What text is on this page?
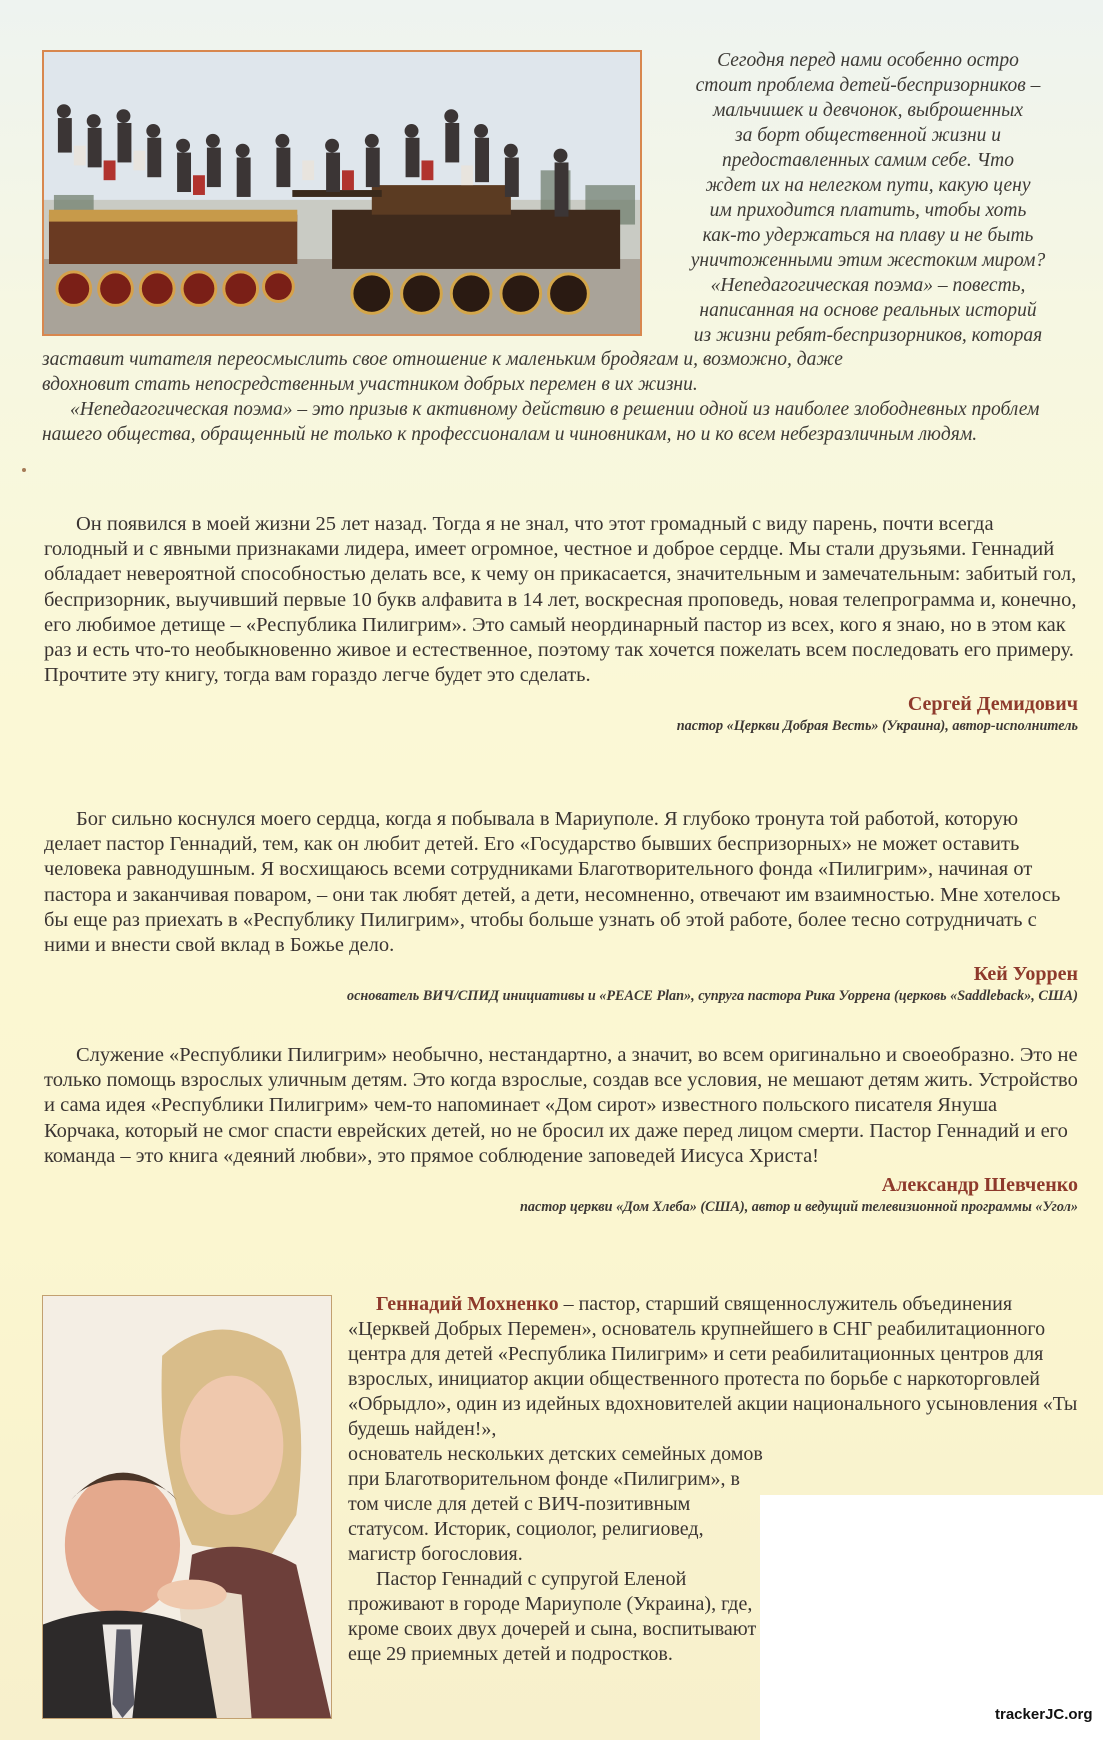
Сегодня перед нами особенно остро

стоит проблема детей-беспризорников –

мальчишек и девчонок, выброшенных

за борт общественной жизни и

предоставленных самим себе. Что

ждет их на нелегком пути, какую цену

им приходится платить, чтобы хоть

как-то удержаться на плаву и не быть

уничтоженными этим жестоким миром?

«Непедагогическая поэма» – повесть,

написанная на основе реальных историй

из жизни ребят-беспризорников, которая

заставит читателя переосмыслить свое отношение к маленьким бродягам и, возможно, даже

вдохновит стать непосредственным участником добрых перемен в их жизни.

«Непедагогическая поэма» – это призыв к активному действию в решении одной из наиболее злободневных проблем нашего общества, обращенный не только к профессионалам и чиновникам, но и ко всем небезразличным людям.

Он появился в моей жизни 25 лет назад. Тогда я не знал, что этот громадный с виду парень, почти всегда голодный и с явными признаками лидера, имеет огромное, честное и доброе сердце. Мы стали друзьями. Геннадий обладает невероятной способностью делать все, к чему он прикасается, значительным и замечательным: забитый гол, беспризорник, выучивший первые 10 букв алфавита в 14 лет, воскресная проповедь, новая телепрограмма и, конечно, его любимое детище – «Республика Пилигрим». Это самый неординарный пастор из всех, кого я знаю, но в этом как раз и есть что-то необыкновенно живое и естественное, поэтому так хочется пожелать всем последовать его примеру. Прочтите эту книгу, тогда вам гораздо легче будет это сделать.

Сергей Демидович
пастор «Церкви Добрая Весть» (Украина), автор-исполнитель

Бог сильно коснулся моего сердца, когда я побывала в Мариуполе. Я глубоко тронута той работой, которую делает пастор Геннадий, тем, как он любит детей. Его «Государство бывших беспризорных» не может оставить человека равнодушным. Я восхищаюсь всеми сотрудниками Благотворительного фонда «Пилигрим», начиная от пастора и заканчивая поваром, – они так любят детей, а дети, несомненно, отвечают им взаимностью. Мне хотелось бы еще раз приехать в «Республику Пилигрим», чтобы больше узнать об этой работе, более тесно сотрудничать с ними и внести свой вклад в Божье дело.

Кей Уоррен
основатель ВИЧ/СПИД инициативы и «PEACE Plan», супруга пастора Рика Уоррена (церковь «Saddleback», США)

Служение «Республики Пилигрим» необычно, нестандартно, а значит, во всем оригинально и своеобразно. Это не только помощь взрослых уличным детям. Это когда взрослые, создав все условия, не мешают детям жить. Устройство и сама идея «Республики Пилигрим» чем-то напоминает «Дом сирот» известного польского писателя Януша Корчака, который не смог спасти еврейских детей, но не бросил их даже перед лицом смерти. Пастор Геннадий и его команда – это книга «деяний любви», это прямое соблюдение заповедей Иисуса Христа!

Александр Шевченко
пастор церкви «Дом Хлеба» (США), автор и ведущий телевизионной программы «Угол»

Геннадий Мохненко – пастор, старший священнослужитель объединения «Церквей Добрых Перемен», основатель крупнейшего в СНГ реабилитационного центра для детей «Республика Пилигрим» и сети реабилитационных центров для взрослых, инициатор акции общественного протеста по борьбе с наркоторговлей «Обрыдло», один из идейных вдохновителей акции национального усыновления «Ты будешь найден!»,

основатель нескольких детских семейных домов при Благотворительном фонде «Пилигрим», в том числе для детей с ВИЧ-позитивным статусом. Историк, социолог, религиовед, магистр богословия.

Пастор Геннадий с супругой Еленой проживают в городе Мариуполе (Украина), где, кроме своих двух дочерей и сына, воспитывают еще 29 приемных детей и подростков.

trackerJC.org
